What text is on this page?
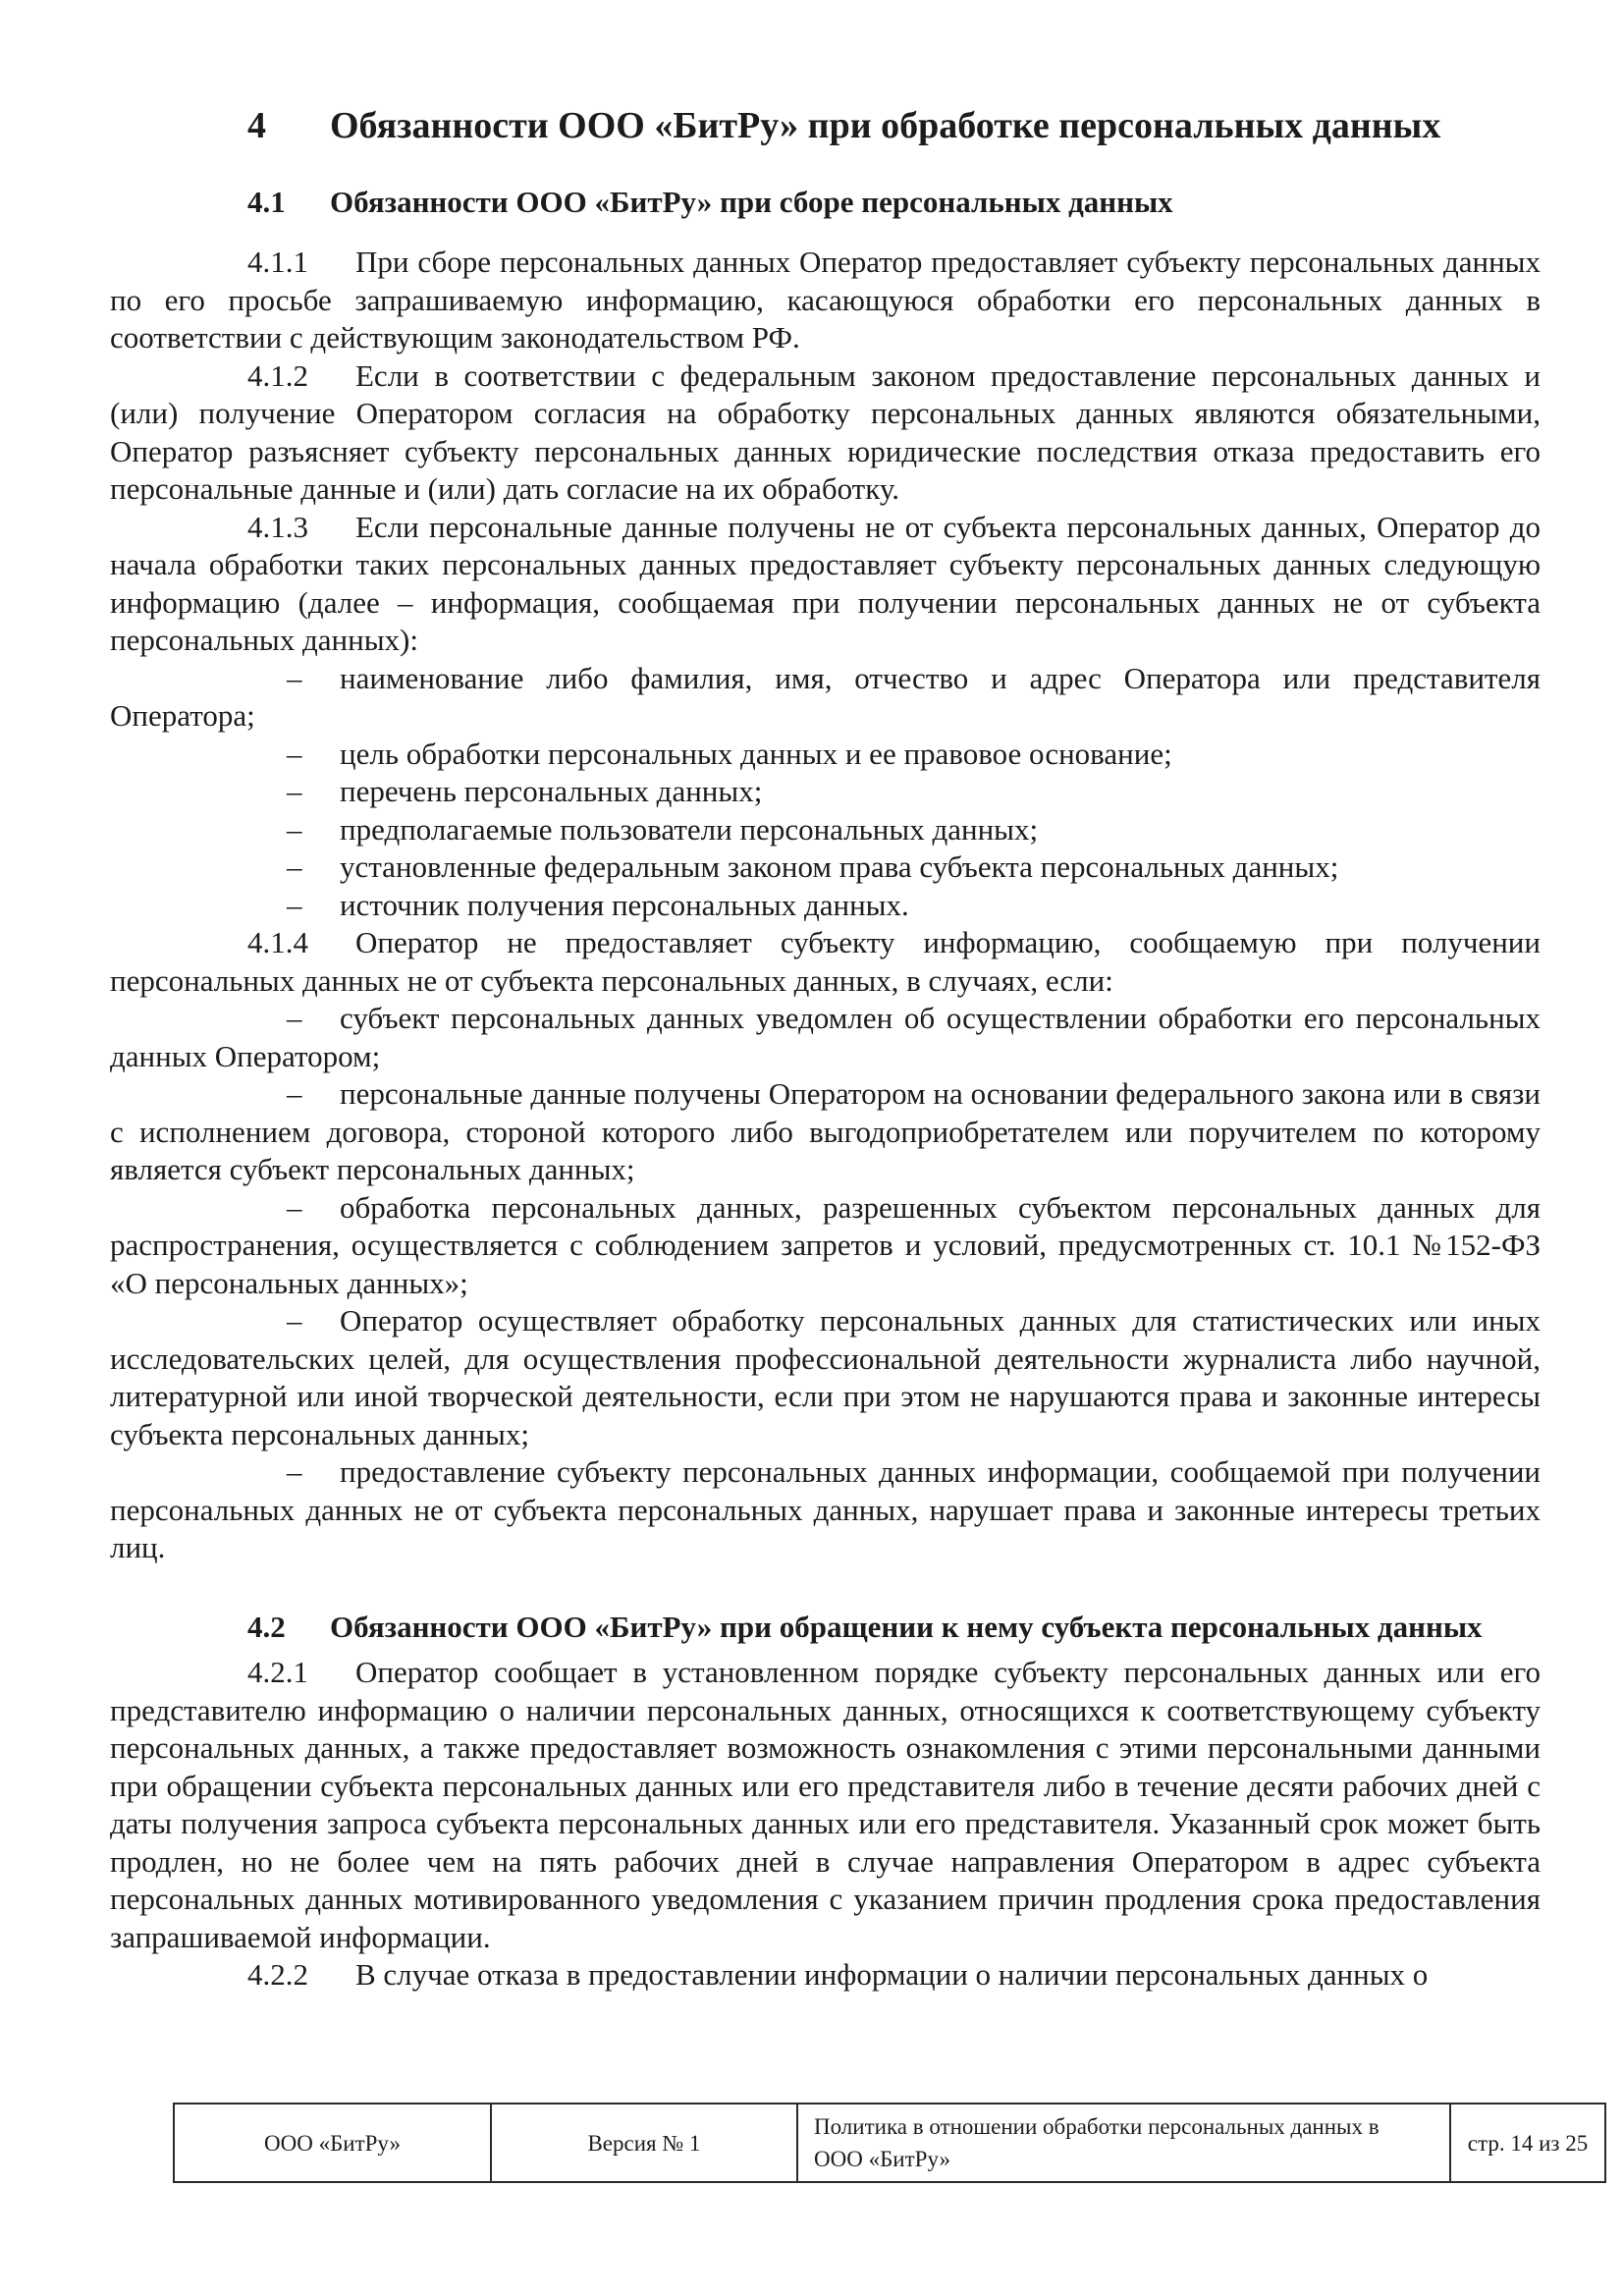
4 Обязанности ООО «БитРу» при обработке персональных данных
4.1 Обязанности ООО «БитРу» при сборе персональных данных

4.1.1 При сборе персональных данных Оператор предоставляет субъекту персональных данных по его просьбе запрашиваемую информацию, касающуюся обработки его персональных данных в соответствии с действующим законодательством РФ.

4.1.2 Если в соответствии с федеральным законом предоставление персональных данных и (или) получение Оператором согласия на обработку персональных данных являются обязательными, Оператор разъясняет субъекту персональных данных юридические последствия отказа предоставить его персональные данные и (или) дать согласие на их обработку.

4.1.3 Если персональные данные получены не от субъекта персональных данных, Оператор до начала обработки таких персональных данных предоставляет субъекту персональных данных следующую информацию (далее – информация, сообщаемая при получении персональных данных не от субъекта персональных данных):

– наименование либо фамилия, имя, отчество и адрес Оператора или представителя Оператора;

– цель обработки персональных данных и ее правовое основание;

– перечень персональных данных;

– предполагаемые пользователи персональных данных;

– установленные федеральным законом права субъекта персональных данных;

– источник получения персональных данных.

4.1.4 Оператор не предоставляет субъекту информацию, сообщаемую при получении персональных данных не от субъекта персональных данных, в случаях, если:

– субъект персональных данных уведомлен об осуществлении обработки его персональных данных Оператором;

– персональные данные получены Оператором на основании федерального закона или в связи с исполнением договора, стороной которого либо выгодоприобретателем или поручителем по которому является субъект персональных данных;

– обработка персональных данных, разрешенных субъектом персональных данных для распространения, осуществляется с соблюдением запретов и условий, предусмотренных ст. 10.1 №152-ФЗ «О персональных данных»;

– Оператор осуществляет обработку персональных данных для статистических или иных исследовательских целей, для осуществления профессиональной деятельности журналиста либо научной, литературной или иной творческой деятельности, если при этом не нарушаются права и законные интересы субъекта персональных данных;

– предоставление субъекту персональных данных информации, сообщаемой при получении персональных данных не от субъекта персональных данных, нарушает права и законные интересы третьих лиц.

4.2 Обязанности ООО «БитРу» при обращении к нему субъекта персональных данных

4.2.1 Оператор сообщает в установленном порядке субъекту персональных данных или его представителю информацию о наличии персональных данных, относящихся к соответствующему субъекту персональных данных, а также предоставляет возможность ознакомления с этими персональными данными при обращении субъекта персональных данных или его представителя либо в течение десяти рабочих дней с даты получения запроса субъекта персональных данных или его представителя. Указанный срок может быть продлен, но не более чем на пять рабочих дней в случае направления Оператором в адрес субъекта персональных данных мотивированного уведомления с указанием причин продления срока предоставления запрашиваемой информации.

4.2.2 В случае отказа в предоставлении информации о наличии персональных данных о

ООО «БитРу»	Версия № 1	Политика в отношении обработки персональных данных в ООО «БитРу»	стр. 14 из 25
